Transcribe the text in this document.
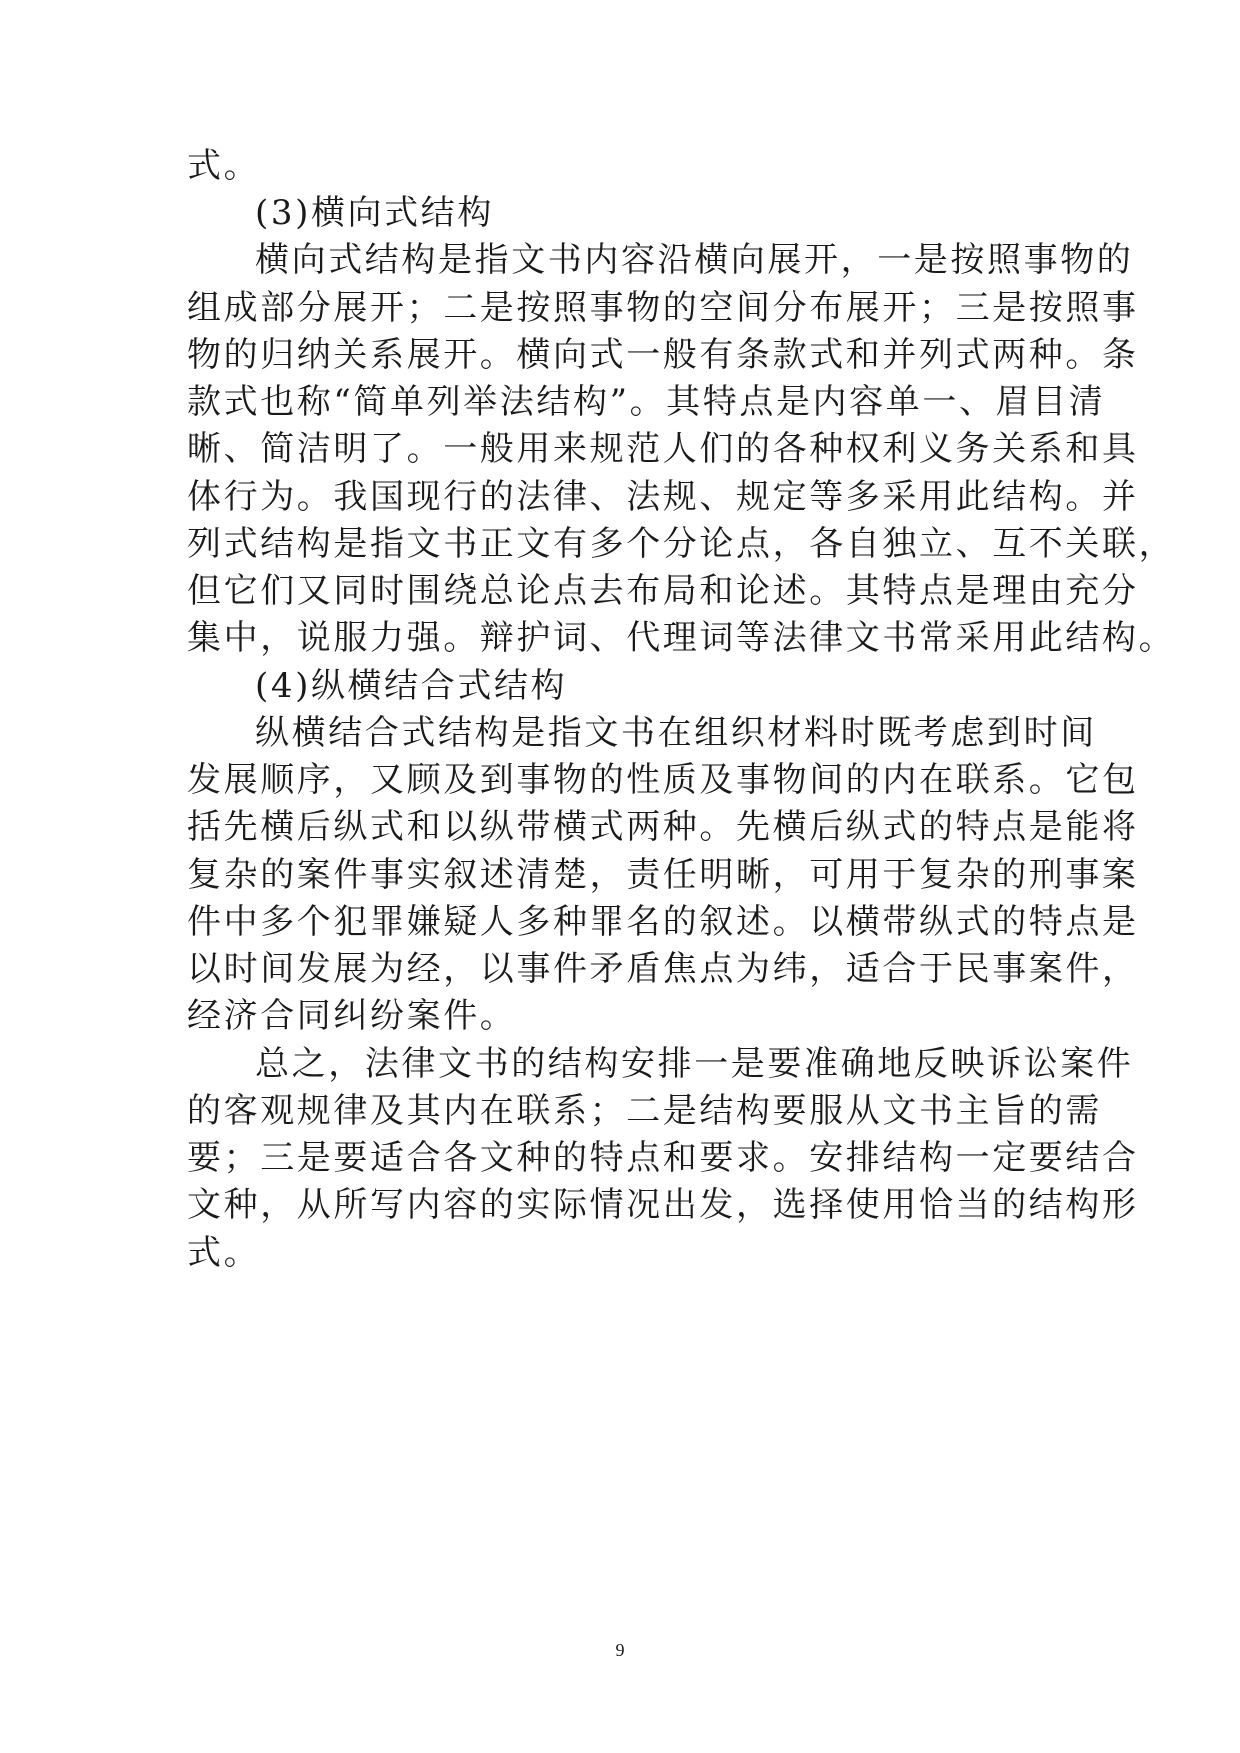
式。
(3)横向式结构
横向式结构是指文书内容沿横向展开，一是按照事物的
组成部分展开；二是按照事物的空间分布展开；三是按照事
物的归纳关系展开。横向式一般有条款式和并列式两种。条
款式也称“简单列举法结构”。其特点是内容单一、眉目清
晰、简洁明了。一般用来规范人们的各种权利义务关系和具
体行为。我国现行的法律、法规、规定等多采用此结构。并
列式结构是指文书正文有多个分论点，各自独立、互不关联，
但它们又同时围绕总论点去布局和论述。其特点是理由充分
集中，说服力强。辩护词、代理词等法律文书常采用此结构。
(4)纵横结合式结构
纵横结合式结构是指文书在组织材料时既考虑到时间
发展顺序，又顾及到事物的性质及事物间的内在联系。它包
括先横后纵式和以纵带横式两种。先横后纵式的特点是能将
复杂的案件事实叙述清楚，责任明晰，可用于复杂的刑事案
件中多个犯罪嫌疑人多种罪名的叙述。以横带纵式的特点是
以时间发展为经，以事件矛盾焦点为纬，适合于民事案件，
经济合同纠纷案件。
总之，法律文书的结构安排一是要准确地反映诉讼案件
的客观规律及其内在联系；二是结构要服从文书主旨的需
要；三是要适合各文种的特点和要求。安排结构一定要结合
文种，从所写内容的实际情况出发，选择使用恰当的结构形
式。
9
